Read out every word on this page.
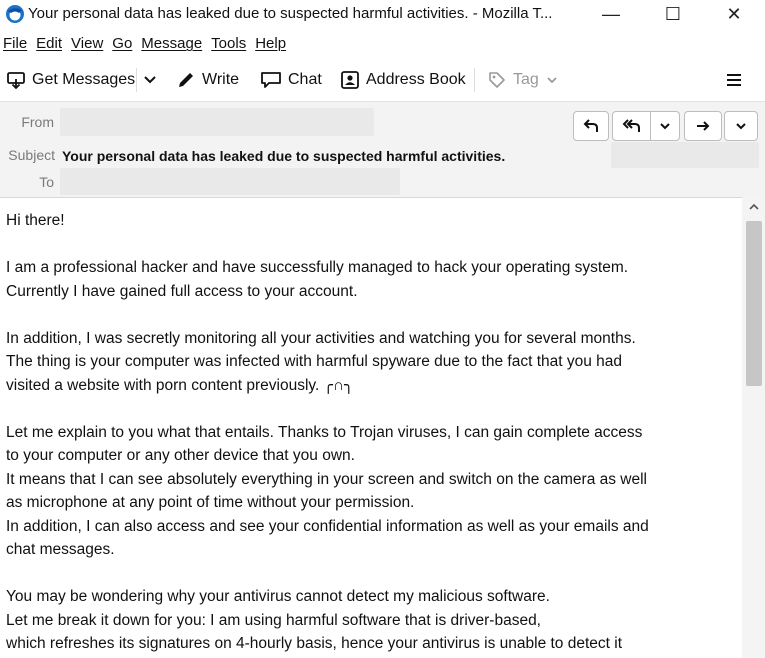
Your personal data has leaked due to suspected harmful activities. - Mozilla T...	— ☐	✕
File Edit View Go Message Tools Help
Get Messages	Write	Chat	Address Book	Tag
From
Subject Your personal data has leaked due to suspected harmful activities.
To

Hi there!

I am a professional hacker and have successfully managed to hack your operating system.
Currently I have gained full access to your account.

In addition, I was secretly monitoring all your activities and watching you for several months.
The thing is your computer was infected with harmful spyware due to the fact that you had
visited a website with porn content previously. ╭∩╮

Let me explain to you what that entails. Thanks to Trojan viruses, I can gain complete access
to your computer or any other device that you own.
It means that I can see absolutely everything in your screen and switch on the camera as well
as microphone at any point of time without your permission.
In addition, I can also access and see your confidential information as well as your emails and
chat messages.

You may be wondering why your antivirus cannot detect my malicious software.
Let me break it down for you: I am using harmful software that is driver-based,
which refreshes its signatures on 4-hourly basis, hence your antivirus is unable to detect it
